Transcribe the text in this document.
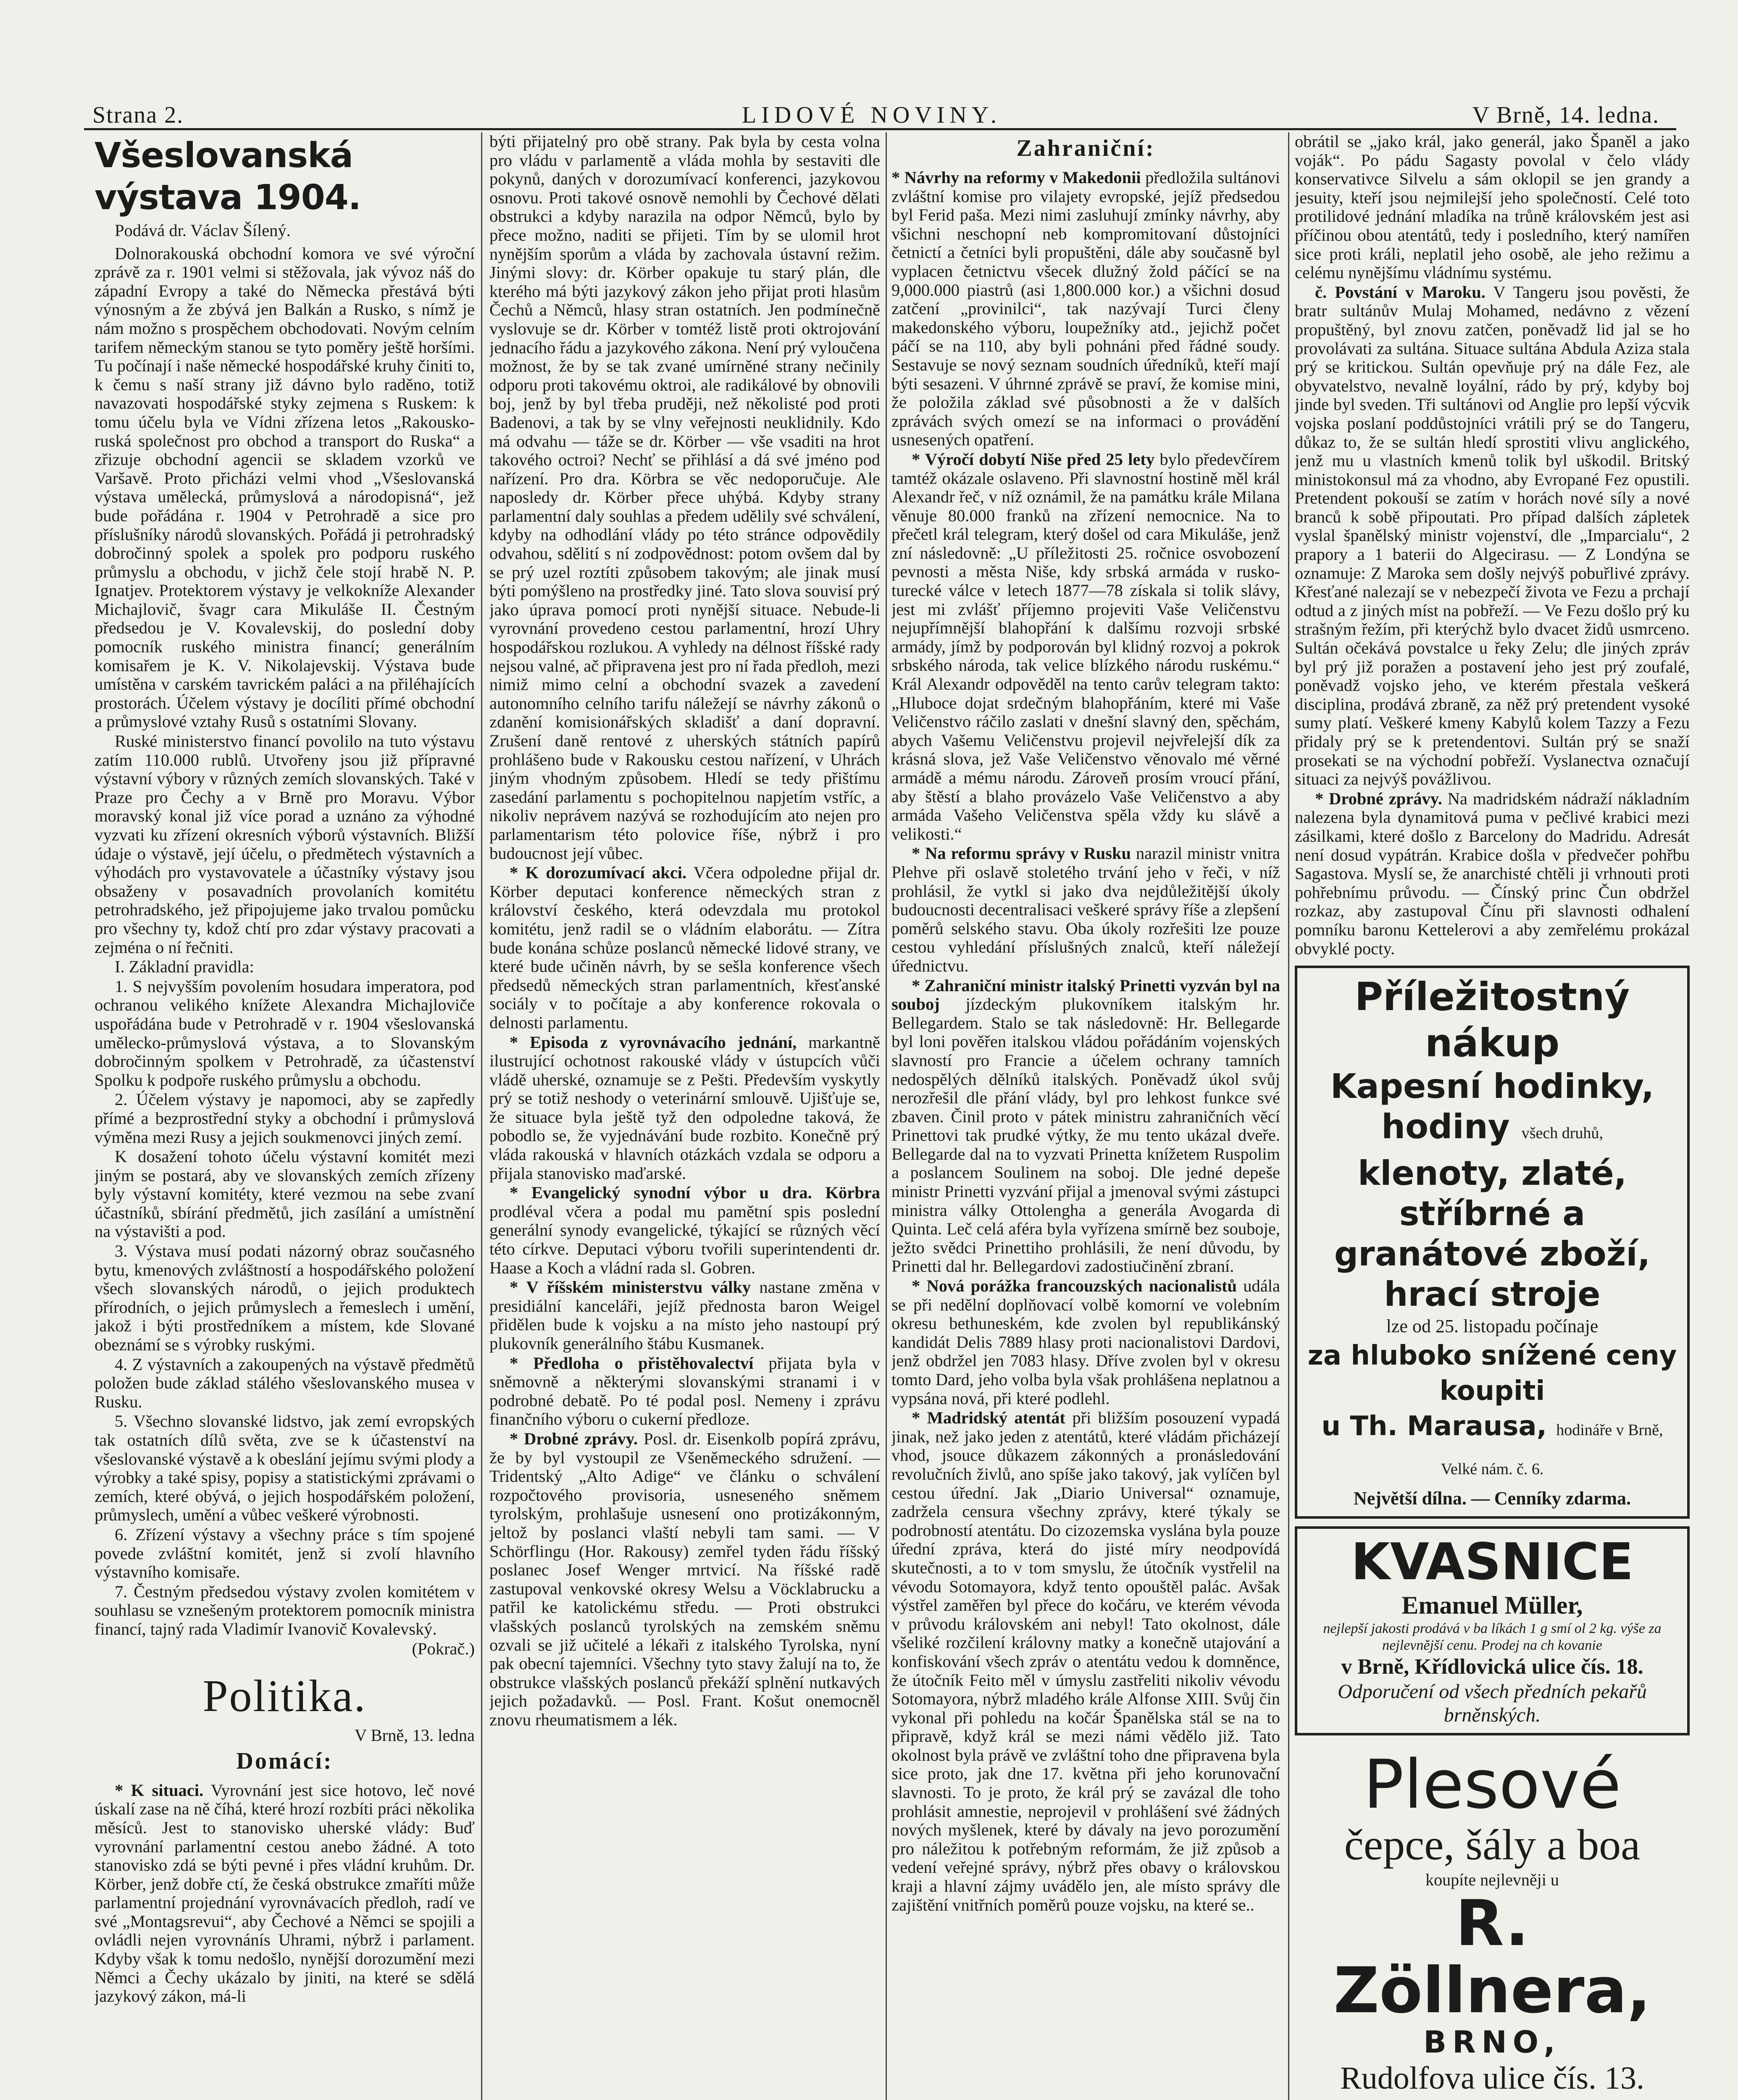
Strana 2.	LIDOVÉ NOVINY.	V Brně, 14. ledna.
Všeslovanská výstava 1904.

Podává dr. Václav Šílený.

Dolnorakouská obchodní komora ve své výroční zprávě za r. 1901 velmi si stěžovala, jak vývoz náš do západní Evropy a také do Německa přestává býti výnosným a že zbývá jen Balkán a Rusko, s nímž je nám možno s prospěchem obchodovati. Novým celním tarifem německým stanou se tyto poměry ještě horšími. Tu počínají i naše německé hospodářské kruhy činiti to, k čemu s naší strany již dávno bylo raděno, totiž navazovati hospodářské styky zejmena s Ruskem: k tomu účelu byla ve Vídni zřízena letos „Rakousko-ruská společnost pro obchod a transport do Ruska“ a zřizuje obchodní agencii se skladem vzorků ve Varšavě. Proto přicházi velmi vhod „Všeslovanská výstava umělecká, průmyslová a národopisná“, jež bude pořádána r. 1904 v Petrohradě a sice pro příslušníky národů slovanských. Pořádá ji petrohradský dobročinný spolek a spolek pro podporu ruského průmyslu a obchodu, v jichž čele stojí hrabě N. P. Ignatjev. Protektorem výstavy je velkokníže Alexander Michajlovič, švagr cara Mikuláše II. Čestným předsedou je V. Kovalevskij, do poslední doby pomocník ruského ministra financí; generálním komisařem je K. V. Nikolajevskij. Výstava bude umístěna v carském tavrickém paláci a na přiléhajících prostorách. Účelem výstavy je docíliti přímé obchodní a průmyslové vztahy Rusů s ostatními Slovany.

Ruské ministerstvo financí povolilo na tuto výstavu zatím 110.000 rublů. Utvořeny jsou již přípravné výstavní výbory v různých zemích slovanských. Také v Praze pro Čechy a v Brně pro Moravu. Výbor moravský konal již více porad a uznáno za výhodné vyzvati ku zřízení okresních výborů výstavních. Bližší údaje o výstavě, její účelu, o předmětech výstavních a výhodách pro vystavovatele a účastníky výstavy jsou obsaženy v posavadních provolaních komitétu petrohradského, jež připojujeme jako trvalou pomůcku pro všechny ty, kdož chtí pro zdar výstavy pracovati a zejména o ní řečniti.

I. Základní pravidla:

1. S nejvyšším povolením hosudara imperatora, pod ochranou velikého knížete Alexandra Michajloviče uspořádána bude v Petrohradě v r. 1904 všeslovanská umělecko-průmyslová výstava, a to Slovanským dobročinným spolkem v Petrohradě, za účastenství Spolku k podpoře ruského průmyslu a obchodu.

2. Účelem výstavy je napomoci, aby se zapředly přímé a bezprostřední styky a obchodní i průmyslová výměna mezi Rusy a jejich soukmenovci jiných zemí.

K dosažení tohoto účelu výstavní komitét mezi jiným se postará, aby ve slovanských zemích zřízeny byly výstavní komitéty, které vezmou na sebe zvaní účastníků, sbírání předmětů, jich zasílání a umístnění na výstavišti a pod.

3. Výstava musí podati názorný obraz současného bytu, kmenových zvláštností a hospodářského položení všech slovanských národů, o jejich produktech přírodních, o jejich průmyslech a řemeslech i umění, jakož i býti prostředníkem a místem, kde Slované obeznámí se s výrobky ruskými.

4. Z výstavních a zakoupených na výstavě předmětů položen bude základ stálého všeslovanského musea v Rusku.

5. Všechno slovanské lidstvo, jak zemí evropských tak ostatních dílů světa, zve se k účastenství na všeslovanské výstavě a k obeslání jejímu svými plody a výrobky a také spisy, popisy a statistickými zprávami o zemích, které obývá, o jejich hospodářském položení, průmyslech, umění a vůbec veškeré výrobnosti.

6. Zřízení výstavy a všechny práce s tím spojené povede zvláštní komitét, jenž si zvolí hlavního výstavního komisaře.

7. Čestným předsedou výstavy zvolen komitétem v souhlasu se vznešeným protektorem pomocník ministra financí, tajný rada Vladimír Ivanovič Kovalevský.

(Pokrač.)

Politika.

V Brně, 13. ledna

Domácí:

* K situaci. Vyrovnání jest sice hotovo, leč nové úskalí zase na ně číhá, které hrozí rozbíti práci několika měsíců. Jest to stanovisko uherské vlády: Buď vyrovnání parlamentní cestou anebo žádné. A toto stanovisko zdá se býti pevné i přes vládní kruhům. Dr. Körber, jenž dobře ctí, že česká obstrukce zmaříti může parlamentní projednání vyrovnávacích předloh, radí ve své „Montagsrevui“, aby Čechové a Němci se spojili a ovládli nejen vyrovnánís Uhrami, nýbrž i parlament. Kdyby však k tomu nedošlo, nynější dorozumění mezi Němci a Čechy ukázalo by jiniti, na které se sdělá jazykový zákon, má-li

býti přijatelný pro obě strany. Pak byla by cesta volna pro vládu v parlamentě a vláda mohla by sestaviti dle pokynů, daných v dorozumívací konferenci, jazykovou osnovu. Proti takové osnově nemohli by Čechové dělati obstrukci a kdyby narazila na odpor Němců, bylo by přece možno, naditi se přijeti. Tím by se ulomil hrot nynějším sporům a vláda by zachovala ústavní režim. Jinými slovy: dr. Körber opakuje tu starý plán, dle kterého má býti jazykový zákon jeho přijat proti hlasům Čechů a Němců, hlasy stran ostatních. Jen podmínečně vyslovuje se dr. Körber v tomtéž listě proti oktrojování jednacího řádu a jazykového zákona. Není prý vyloučena možnost, že by se tak zvané umírněné strany nečinily odporu proti takovému oktroi, ale radikálové by obnovili boj, jenž by byl třeba pruději, než několisté pod proti Badenovi, a tak by se vlny veřejnosti neuklidnily. Kdo má odvahu — táže se dr. Körber — vše vsaditi na hrot takového octroi? Nechť se přihlásí a dá své jméno pod nařízení. Pro dra. Körbra se věc nedoporučuje. Ale naposledy dr. Körber přece uhýbá. Kdyby strany parlamentní daly souhlas a předem udělily své schválení, kdyby na odhodlání vlády po této stránce odpovědily odvahou, sdělití s ní zodpovědnost: potom ovšem dal by se prý uzel roztíti způsobem takovým; ale jinak musí býti pomýšleno na prostředky jiné. Tato slova souvisí prý jako úprava pomocí proti nynější situace. Nebude-li vyrovnání provedeno cestou parlamentní, hrozí Uhry hospodářskou rozlukou. A vyhledy na délnost říšské rady nejsou valné, ač připravena jest pro ní řada předloh, mezi nimiž mimo celní a obchodní svazek a zavedení autonomního celního tarifu náležejí se návrhy zákonů o zdanění komisionářských skladišť a daní dopravní. Zrušení daně rentové z uherských státních papírů prohlášeno bude v Rakousku cestou nařízení, v Uhrách jiným vhodným způsobem. Hledí se tedy přištímu zasedání parlamentu s pochopitelnou napjetím vstříc, a nikoliv neprávem nazývá se rozhodujícím ato nejen pro parlamentarism této polovice říše, nýbrž i pro budoucnost její vůbec.

* K dorozumívací akci. Včera odpoledne přijal dr. Körber deputaci konference německých stran z království českého, která odevzdala mu protokol komitétu, jenž radil se o vládním elaborátu. — Zítra bude konána schůze poslanců německé lidové strany, ve které bude učiněn návrh, by se sešla konference všech předsedů německých stran parlamentních, křesťanské sociály v to počítaje a aby konference rokovala o delnosti parlamentu.

* Episoda z vyrovnávacího jednání, markantně ilustrující ochotnost rakouské vlády v ústupcích vůči vládě uherské, oznamuje se z Pešti. Především vyskytly prý se totiž neshody o veterinární smlouvě. Ujišťuje se, že situace byla ještě tyž den odpoledne taková, že pobodlo se, že vyjednávání bude rozbito. Konečně prý vláda rakouská v hlavních otázkách vzdala se odporu a přijala stanovisko maďarské.

* Evangelický synodní výbor u dra. Körbra prodléval včera a podal mu pamětní spis poslední generální synody evangelické, týkající se různých věcí této církve. Deputaci výboru tvořili superintendenti dr. Haase a Koch a vládní rada sl. Gobren.

* V říšském ministerstvu války nastane změna v presidiální kanceláři, jejíž přednosta baron Weigel přidělen bude k vojsku a na místo jeho nastoupí prý plukovník generálního štábu Kusmanek.

* Předloha o přistěhovalectví přijata byla v sněmovně a některými slovanskými stranami i v podrobné debatě. Po té podal posl. Nemeny i zprávu finančního výboru o cukerní předloze.

* Drobné zprávy. Posl. dr. Eisenkolb popírá zprávu, že by byl vystoupil ze Všeněmeckého sdružení. — Tridentský „Alto Adige“ ve článku o schválení rozpočtového provisoria, usneseného sněmem tyrolským, prohlašuje usnesení ono protizákonným, jeltož by poslanci vlaští nebyli tam sami. — V Schörflingu (Hor. Rakousy) zemřel tyden řádu říšský poslanec Josef Wenger mrtvicí. Na říšské radě zastupoval venkovské okresy Welsu a Vöcklabrucku a patřil ke katolickému středu. — Proti obstrukci vlašských poslanců tyrolských na zemském sněmu ozvali se již učitelé a lékaři z italského Tyrolska, nyní pak obecní tajemníci. Všechny tyto stavy žalují na to, že obstrukce vlašských poslanců překáží splnění nutkavých jejich požadavků. — Posl. Frant. Košut onemocněl znovu rheumatismem a lék.

Zahraniční:

* Návrhy na reformy v Makedonii předložila sultánovi zvláštní komise pro vilajety evropské, jejíž předsedou byl Ferid paša. Mezi nimi zasluhují zmínky návrhy, aby všichni neschopní neb kompromitovaní důstojníci četnictí a četníci byli propuštěni, dále aby současně byl vyplacen četnictvu všecek dlužný žold páčící se na 9,000.000 piastrů (asi 1,800.000 kor.) a všichni dosud zatčení „provinilci“, tak nazývají Turci členy makedonského výboru, loupežníky atd., jejichž počet páčí se na 110, aby byli pohnáni před řádné soudy. Sestavuje se nový seznam soudních úředníků, kteří mají býti sesazeni. V úhrnné zprávě se praví, že komise mini, že položila základ své působnosti a že v dalších zprávách svých omezí se na informaci o provádění usnesených opatření.

* Výročí dobytí Niše před 25 lety bylo předevčírem tamtéž okázale oslaveno. Při slavnostní hostině měl král Alexandr řeč, v níž oznámil, že na památku krále Milana věnuje 80.000 franků na zřízení nemocnice. Na to přečetl král telegram, který došel od cara Mikuláše, jenž zní následovně: „U příležitosti 25. ročnice osvobození pevnosti a města Niše, kdy srbská armáda v rusko-turecké válce v letech 1877—78 získala si tolik slávy, jest mi zvlášť příjemno projeviti Vaše Veličenstvu nejupřímnější blahopřání k dalšímu rozvoji srbské armády, jímž by podporován byl klidný rozvoj a pokrok srbského národa, tak velice blízkého národu ruskému.“ Král Alexandr odpověděl na tento carův telegram takto: „Hluboce dojat srdečným blahopřáním, které mi Vaše Veličenstvo ráčilo zaslati v dnešní slavný den, spěchám, abych Vašemu Veličenstvu projevil nejvřelejší dík za krásná slova, jež Vaše Veličenstvo věnovalo mé věrné armádě a mému národu. Zároveň prosím vroucí přání, aby štěstí a blaho provázelo Vaše Veličenstvo a aby armáda Vašeho Veličenstva spěla vždy ku slávě a velikosti.“

* Na reformu správy v Rusku narazil ministr vnitra Plehve při oslavě stoletého trvání jeho v řeči, v níž prohlásil, že vytkl si jako dva nejdůležitější úkoly budoucnosti decentralisaci veškeré správy říše a zlepšení poměrů selského stavu. Oba úkoly rozřešiti lze pouze cestou vyhledání příslušných znalců, kteří náležejí úřednictvu.

* Zahraniční ministr italský Prinetti vyzván byl na souboj jízdeckým plukovníkem italským hr. Bellegardem. Stalo se tak následovně: Hr. Bellegarde byl loni pověřen italskou vládou pořádáním vojenských slavností pro Francie a účelem ochrany tamních nedospělých dělníků italských. Poněvadž úkol svůj nerozřešil dle přání vlády, byl pro lehkost funkce své zbaven. Činil proto v pátek ministru zahraničních věcí Prinettovi tak prudké výtky, že mu tento ukázal dveře. Bellegarde dal na to vyzvati Prinetta knížetem Ruspolim a poslancem Soulinem na soboj. Dle jedné depeše ministr Prinetti vyzvání přijal a jmenoval svými zástupci ministra války Ottolengha a generála Avogarda di Quinta. Leč celá aféra byla vyřízena smírně bez souboje, ježto svědci Prinettiho prohlásili, že není důvodu, by Prinetti dal hr. Bellegardovi zadostiučinění zbraní.

* Nová porážka francouzských nacionalistů udála se při nedělní doplňovací volbě komorní ve volebním okresu bethuneském, kde zvolen byl republikánský kandidát Delis 7889 hlasy proti nacionalistovi Dardovi, jenž obdržel jen 7083 hlasy. Dříve zvolen byl v okresu tomto Dard, jeho volba byla však prohlášena neplatnou a vypsána nová, při které podlehl.

* Madridský atentát při bližším posouzení vypadá jinak, než jako jeden z atentátů, které vládám přicházejí vhod, jsouce důkazem zákonných a pronásledování revolučních živlů, ano spíše jako takový, jak vylíčen byl cestou úřední. Jak „Diario Universal“ oznamuje, zadržela censura všechny zprávy, které týkaly se podrobností atentátu. Do cizozemska vyslána byla pouze úřední zpráva, která do jisté míry neodpovídá skutečnosti, a to v tom smyslu, že útočník vystřelil na vévodu Sotomayora, když tento opouštěl palác. Avšak výstřel zaměřen byl přece do kočáru, ve kterém vévoda v průvodu královském ani nebyl! Tato okolnost, dále všeliké rozčilení královny matky a konečně utajování a konfiskování všech zpráv o atentátu vedou k domněnce, že útočník Feito měl v úmyslu zastřeliti nikoliv vévodu Sotomayora, nýbrž mladého krále Alfonse XIII. Svůj čin vykonal při pohledu na kočár Španělska stál se na to připravě, když král se mezi námi vědělo již. Tato okolnost byla právě ve zvláštní toho dne připravena byla sice proto, jak dne 17. května při jeho korunovační slavnosti. To je proto, že král prý se zavázal dle toho prohlásit amnestie, neprojevil v prohlášení své žádných nových myšlenek, které by dávaly na jevo porozumění pro náležitou k potřebným reformám, že již způsob a vedení veřejné správy, nýbrž přes obavy o královskou kraji a hlavní zájmy uvádělo jen, ale místo správy dle zajištění vnitřních poměrů pouze vojsku, na které se..

obrátil se „jako král, jako generál, jako Španěl a jako voják“. Po pádu Sagasty povolal v čelo vlády konservativce Silvelu a sám oklopil se jen grandy a jesuity, kteří jsou nejmilejší jeho společností. Celé toto protilidové jednání mladíka na trůně královském jest asi příčinou obou atentátů, tedy i posledního, který namířen sice proti králi, neplatil jeho osobě, ale jeho režimu a celému nynějšímu vládnímu systému.

č. Povstání v Maroku. V Tangeru jsou pověsti, že bratr sultánův Mulaj Mohamed, nedávno z vězení propuštěný, byl znovu zatčen, poněvadž lid jal se ho provolávati za sultána. Situace sultána Abdula Aziza stala prý se kritickou. Sultán opevňuje prý na dále Fez, ale obyvatelstvo, nevalně loyální, rádo by prý, kdyby boj jinde byl sveden. Tři sultánovi od Anglie pro lepší výcvik vojska poslaní poddůstojníci vrátili prý se do Tangeru, důkaz to, že se sultán hledí sprostiti vlivu anglického, jenž mu u vlastních kmenů tolik byl uškodil. Britský ministokonsul má za vhodno, aby Evropané Fez opustili. Pretendent pokouší se zatím v horách nové síly a nové branců k sobě připoutati. Pro případ dalších zápletek vyslal španělský ministr vojenství, dle „Imparcialu“, 2 prapory a 1 baterii do Algecirasu. — Z Londýna se oznamuje: Z Maroka sem došly nejvýš pobuřlivé zprávy. Křesťané nalezají se v nebezpečí života ve Fezu a prchají odtud a z jiných míst na pobřeží. — Ve Fezu došlo prý ku strašným řežím, při kterýchž bylo dvacet židů usmrceno. Sultán očekává povstalce u řeky Zelu; dle jiných zpráv byl prý již poražen a postavení jeho jest prý zoufalé, poněvadž vojsko jeho, ve kterém přestala veškerá disciplina, prodává zbraně, za něž prý pretendent vysoké sumy platí. Veškeré kmeny Kabylů kolem Tazzy a Fezu přidaly prý se k pretendentovi. Sultán prý se snaží prosekati se na východní pobřeží. Vyslanectva označují situaci za nejvýš povážlivou.

* Drobné zprávy. Na madridském nádraží nákladním nalezena byla dynamitová puma v pečlivé krabici mezi zásilkami, které došlo z Barcelony do Madridu. Adresát není dosud vypátrán. Krabice došla v předvečer pohřbu Sagastova. Myslí se, že anarchisté chtěli ji vrhnouti proti pohřebnímu průvodu. — Čínský princ Čun obdržel rozkaz, aby zastupoval Čínu při slavnosti odhalení pomníku baronu Kettelerovi a aby zemřelému prokázal obvyklé pocty.

Příležitostný nákup
Kapesní hodinky, hodiny všech druhů,
klenoty, zlaté, stříbrné a
granátové zboží, hrací stroje
lze od 25. listopadu počínaje
za hluboko snížené ceny koupiti
u Th. Marausa, hodinářе v Brně, Velké nám. č. 6.
Největší dílna. — Cenníky zdarma.
KVASNICE
Emanuel Müller,
nejlepší jakosti prodává v ba líkách 1 g smí ol 2 kg. výše za nejlevnější cenu. Prodej na ch kovanie
v Brně, Křídlovická ulice čís. 18.
Odporučení od všech předních pekařů brněnských.
Plesové
čepce, šály a boa
koupíte nejlevněji u
R. Zöllnera,
BRNO,
Rudolfova ulice čís. 13.
